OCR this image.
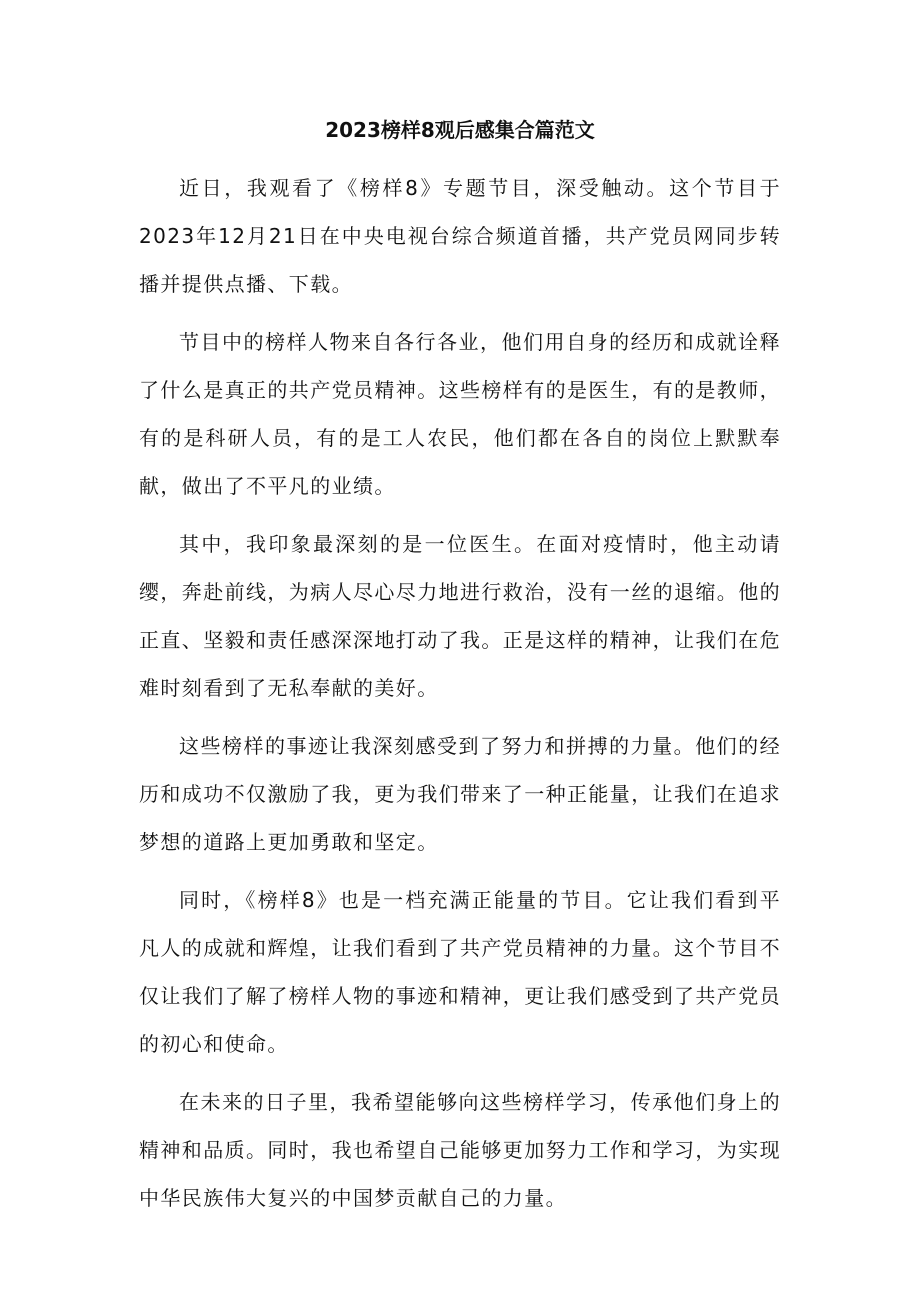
2023榜样8观后感集合篇范文

近日，我观看了《榜样8》专题节目，深受触动。这个节目于2023年12月21日在中央电视台综合频道首播，共产党员网同步转播并提供点播、下载。

节目中的榜样人物来自各行各业，他们用自身的经历和成就诠释了什么是真正的共产党员精神。这些榜样有的是医生，有的是教师，有的是科研人员，有的是工人农民，他们都在各自的岗位上默默奉献，做出了不平凡的业绩。

其中，我印象最深刻的是一位医生。在面对疫情时，他主动请缨，奔赴前线，为病人尽心尽力地进行救治，没有一丝的退缩。他的正直、坚毅和责任感深深地打动了我。正是这样的精神，让我们在危难时刻看到了无私奉献的美好。

这些榜样的事迹让我深刻感受到了努力和拼搏的力量。他们的经历和成功不仅激励了我，更为我们带来了一种正能量，让我们在追求梦想的道路上更加勇敢和坚定。

同时，《榜样8》也是一档充满正能量的节目。它让我们看到平凡人的成就和辉煌，让我们看到了共产党员精神的力量。这个节目不仅让我们了解了榜样人物的事迹和精神，更让我们感受到了共产党员的初心和使命。

在未来的日子里，我希望能够向这些榜样学习，传承他们身上的精神和品质。同时，我也希望自己能够更加努力工作和学习，为实现中华民族伟大复兴的中国梦贡献自己的力量。
